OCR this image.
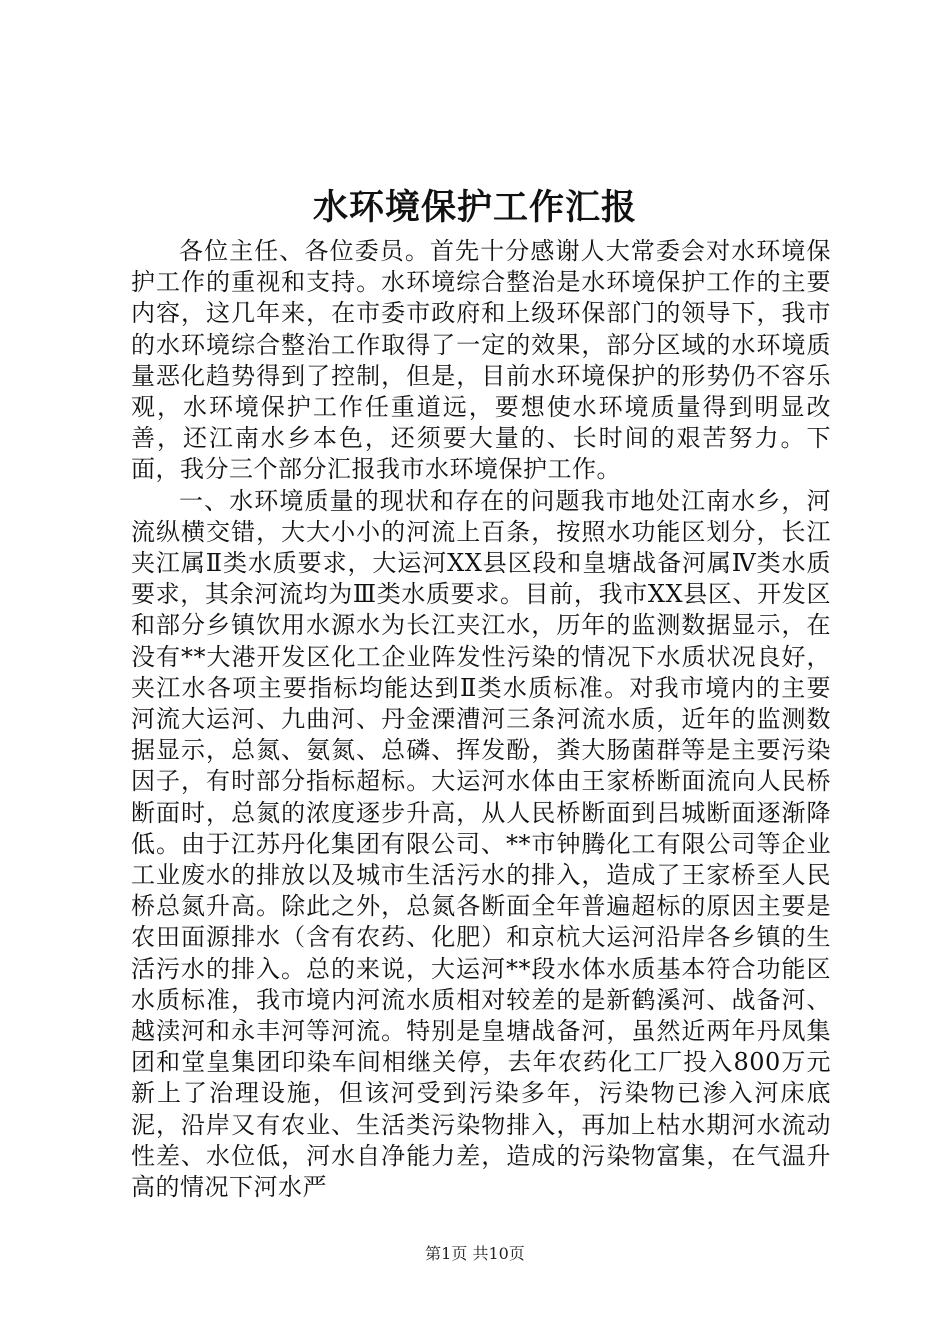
水环境保护工作汇报

各位主任、各位委员。首先十分感谢人大常委会对水环境保护工作的重视和支持。水环境综合整治是水环境保护工作的主要内容，这几年来，在市委市政府和上级环保部门的领导下，我市的水环境综合整治工作取得了一定的效果，部分区域的水环境质量恶化趋势得到了控制，但是，目前水环境保护的形势仍不容乐观，水环境保护工作任重道远，要想使水环境质量得到明显改善，还江南水乡本色，还须要大量的、长时间的艰苦努力。下面，我分三个部分汇报我市水环境保护工作。

一、水环境质量的现状和存在的问题我市地处江南水乡，河流纵横交错，大大小小的河流上百条，按照水功能区划分，长江夹江属Ⅱ类水质要求，大运河XX县区段和皇塘战备河属Ⅳ类水质要求，其余河流均为Ⅲ类水质要求。目前，我市XX县区、开发区和部分乡镇饮用水源水为长江夹江水，历年的监测数据显示，在没有**大港开发区化工企业阵发性污染的情况下水质状况良好，夹江水各项主要指标均能达到Ⅱ类水质标准。对我市境内的主要河流大运河、九曲河、丹金溧漕河三条河流水质，近年的监测数据显示，总氮、氨氮、总磷、挥发酚，粪大肠菌群等是主要污染因子，有时部分指标超标。大运河水体由王家桥断面流向人民桥断面时，总氮的浓度逐步升高，从人民桥断面到吕城断面逐渐降低。由于江苏丹化集团有限公司、**市钟腾化工有限公司等企业工业废水的排放以及城市生活污水的排入，造成了王家桥至人民桥总氮升高。除此之外，总氮各断面全年普遍超标的原因主要是农田面源排水（含有农药、化肥）和京杭大运河沿岸各乡镇的生活污水的排入。总的来说，大运河**段水体水质基本符合功能区水质标准，我市境内河流水质相对较差的是新鹤溪河、战备河、越渎河和永丰河等河流。特别是皇塘战备河，虽然近两年丹凤集团和堂皇集团印染车间相继关停，去年农药化工厂投入800万元新上了治理设施，但该河受到污染多年，污染物已渗入河床底泥，沿岸又有农业、生活类污染物排入，再加上枯水期河水流动性差、水位低，河水自净能力差，造成的污染物富集，在气温升高的情况下河水严

第1页 共10页
